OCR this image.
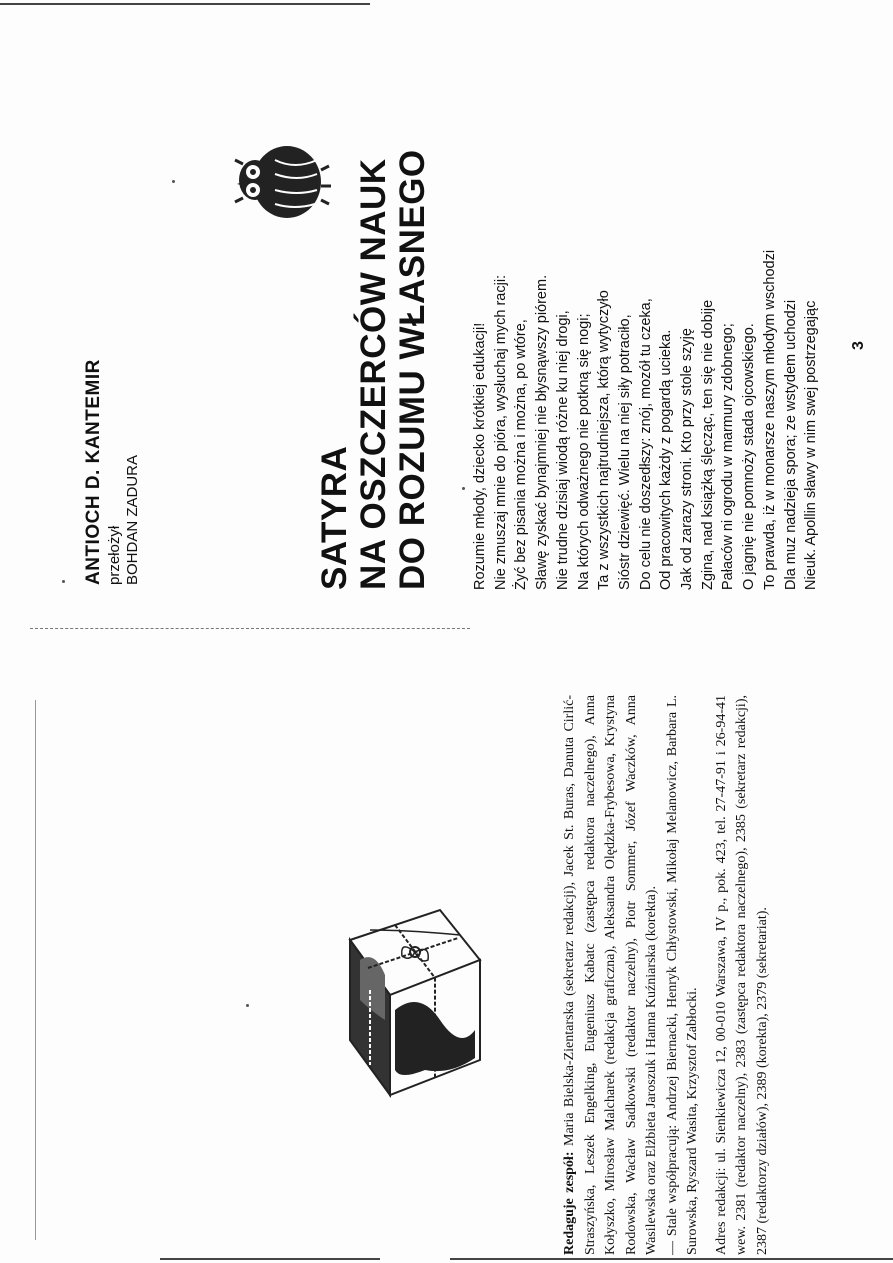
ANTIOCH D. KANTEMIR przełożył BOHDAN ZADURA	SATYRA NA OSZCZERCÓW NAUK DO ROZUMU WŁASNEGO	Rozumie młody, dziecko krótkiej edukacji! Nie zmuszaj mnie do pióra, wysłuchaj mych racji: Żyć bez pisania można i można, po wtóre, Sławę zyskać bynajmniej nie błysnąwszy piórem. Nie trudne dzisiaj wiodą różne ku niej drogi, Na których odważnego nie potkną się nogi; Ta z wszystkich najtrudniejsza, którą wytyczyło Sióstr dziewięć. Wielu na niej siły potraciło, Do celu nie doszedłszy: znój, mozół tu czeka, Od pracowitych każdy z pogardą ucieka. Jak od zarazy stroni. Kto przy stole szyję Zgina, nad książką ślęcząc, ten się nie dobije Pałaców ni ogrodu w marmury zdobnego; O jagnię nie pomnoży stada ojcowskiego. To prawda, iż w monarsze naszym młodym wschodzi Dla muz nadzieja spora; ze wstydem uchodzi Nieuk. Apollin sławy w nim swej postrzegając 3

Redaguje zespół: Maria Bielska-Zientarska (sekretarz redakcji), Jacek St. Buras, Danuta Cirlić-Straszyńska, Leszek Engelking, Eugeniusz Kabatc (zastępca redaktora naczelnego), Anna Kołyszko, Mirosław Malcharek (redakcja graficzna), Aleksandra Olędzka-Frybesowa, Krystyna Rodowska, Wacław Sadkowski (redaktor naczelny), Piotr Sommer, Józef Waczków, Anna Wasilewska oraz Elżbieta Jaroszuk i Hanna Kuźniarska (korekta). — Stale współpracują: Andrzej Biernacki, Henryk Chłystowski, Mikołaj Melanowicz, Barbara L. Surowska, Ryszard Wasita, Krzysztof Zabłocki. Adres redakcji: ul. Sienkiewicza 12, 00-010 Warszawa, IV p., pok. 423, tel. 27-47-91 i 26-94-41 wew. 2381 (redaktor naczelny), 2383 (zastępca redaktora naczelnego), 2385 (sekretarz redakcji), 2387 (redaktorzy działów), 2389 (korekta), 2379 (sekretariat).
